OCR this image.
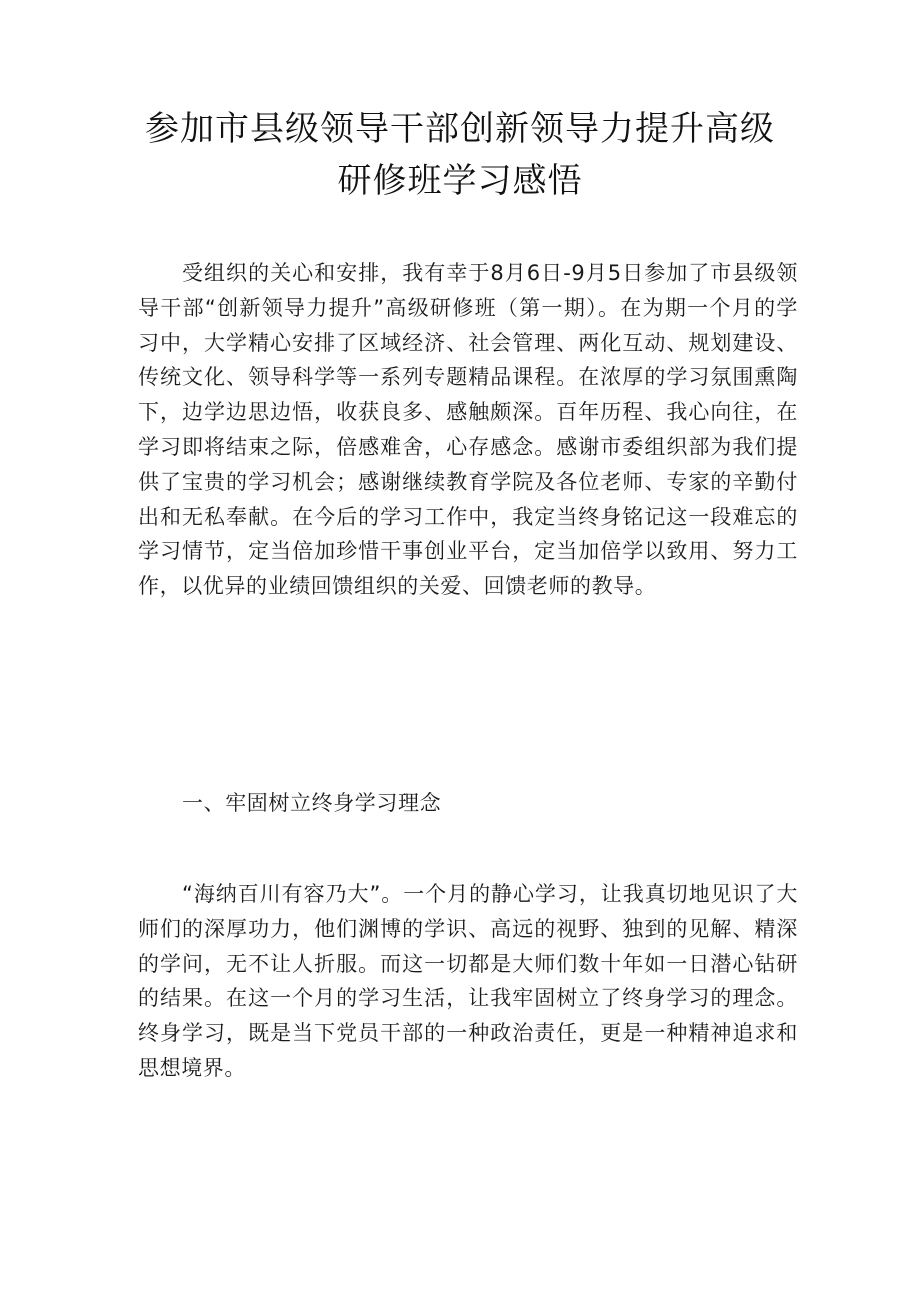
参加市县级领导干部创新领导力提升高级
研修班学习感悟

受组织的关心和安排，我有幸于8月6日-9月5日参加了市县级领导干部“创新领导力提升”高级研修班（第一期）。在为期一个月的学习中，大学精心安排了区域经济、社会管理、两化互动、规划建设、传统文化、领导科学等一系列专题精品课程。在浓厚的学习氛围熏陶下，边学边思边悟，收获良多、感触颇深。百年历程、我心向往，在学习即将结束之际，倍感难舍，心存感念。感谢市委组织部为我们提供了宝贵的学习机会；感谢继续教育学院及各位老师、专家的辛勤付出和无私奉献。在今后的学习工作中，我定当终身铭记这一段难忘的学习情节，定当倍加珍惜干事创业平台，定当加倍学以致用、努力工作，以优异的业绩回馈组织的关爱、回馈老师的教导。

一、牢固树立终身学习理念

“海纳百川有容乃大”。一个月的静心学习，让我真切地见识了大师们的深厚功力，他们渊博的学识、高远的视野、独到的见解、精深的学问，无不让人折服。而这一切都是大师们数十年如一日潜心钻研的结果。在这一个月的学习生活，让我牢固树立了终身学习的理念。终身学习，既是当下党员干部的一种政治责任，更是一种精神追求和思想境界。
